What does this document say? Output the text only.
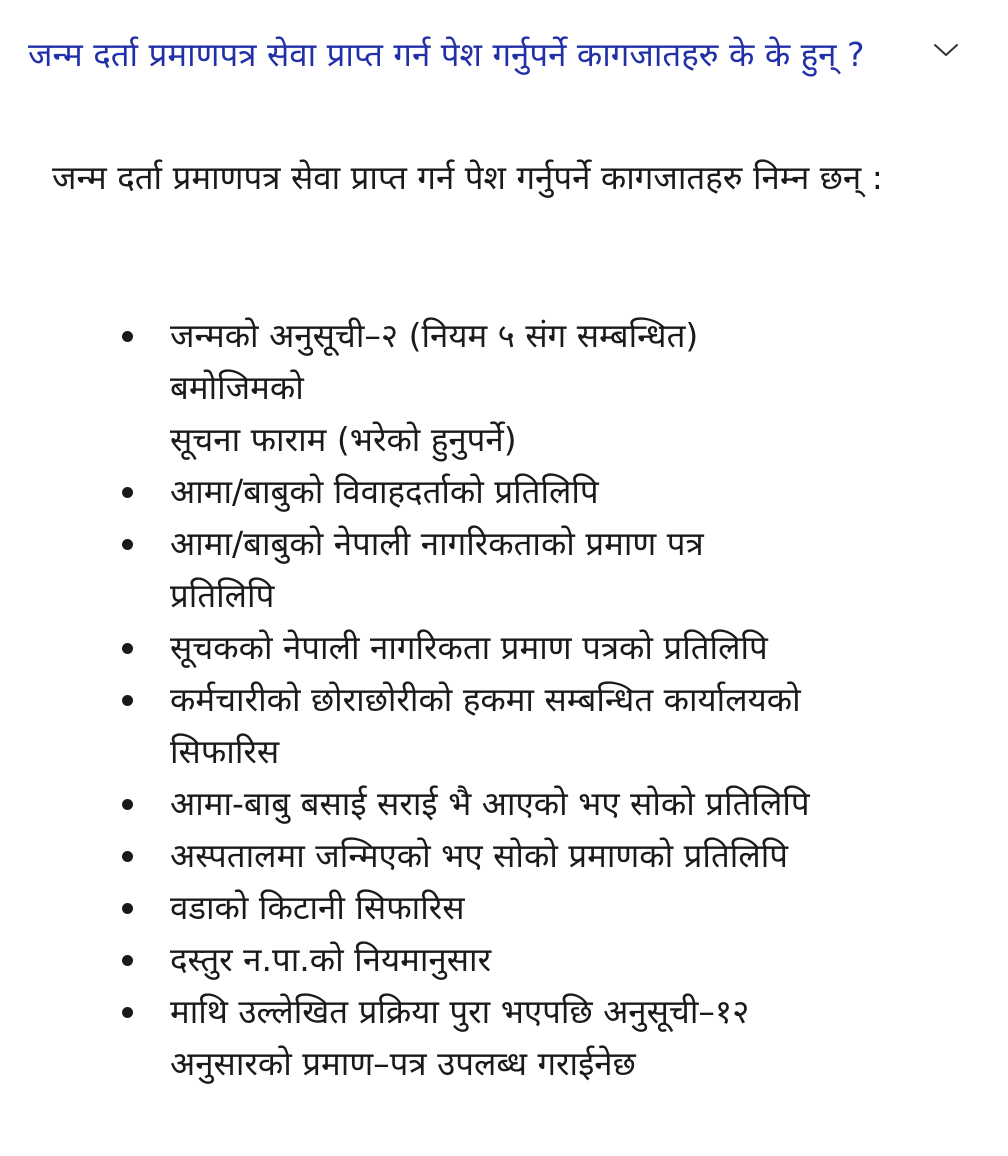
जन्म दर्ता प्रमाणपत्र सेवा प्राप्त गर्न पेश गर्नुपर्ने कागजातहरु के के हुन् ?

जन्म दर्ता प्रमाणपत्र सेवा प्राप्त गर्न पेश गर्नुपर्ने कागजातहरु निम्न छन् :

जन्मको अनुसूची–२ (नियम ५ संग सम्बन्धित)
बमोजिमको
सूचना फाराम (भरेको हुनुपर्ने)
आमा/बाबुको विवाहदर्ताको प्रतिलिपि
आमा/बाबुको नेपाली नागरिकताको प्रमाण पत्र
प्रतिलिपि
सूचकको नेपाली नागरिकता प्रमाण पत्रको प्रतिलिपि
कर्मचारीको छोराछोरीको हकमा सम्बन्धित कार्यालयको
सिफारिस
आमा-बाबु बसाई सराई भै आएको भए सोको प्रतिलिपि
अस्पतालमा जन्मिएको भए सोको प्रमाणको प्रतिलिपि
वडाको किटानी सिफारिस
दस्तुर न.पा.को नियमानुसार
माथि उल्लेखित प्रक्रिया पुरा भएपछि अनुसूची–१२
अनुसारको प्रमाण–पत्र उपलब्ध गराईनेछ
